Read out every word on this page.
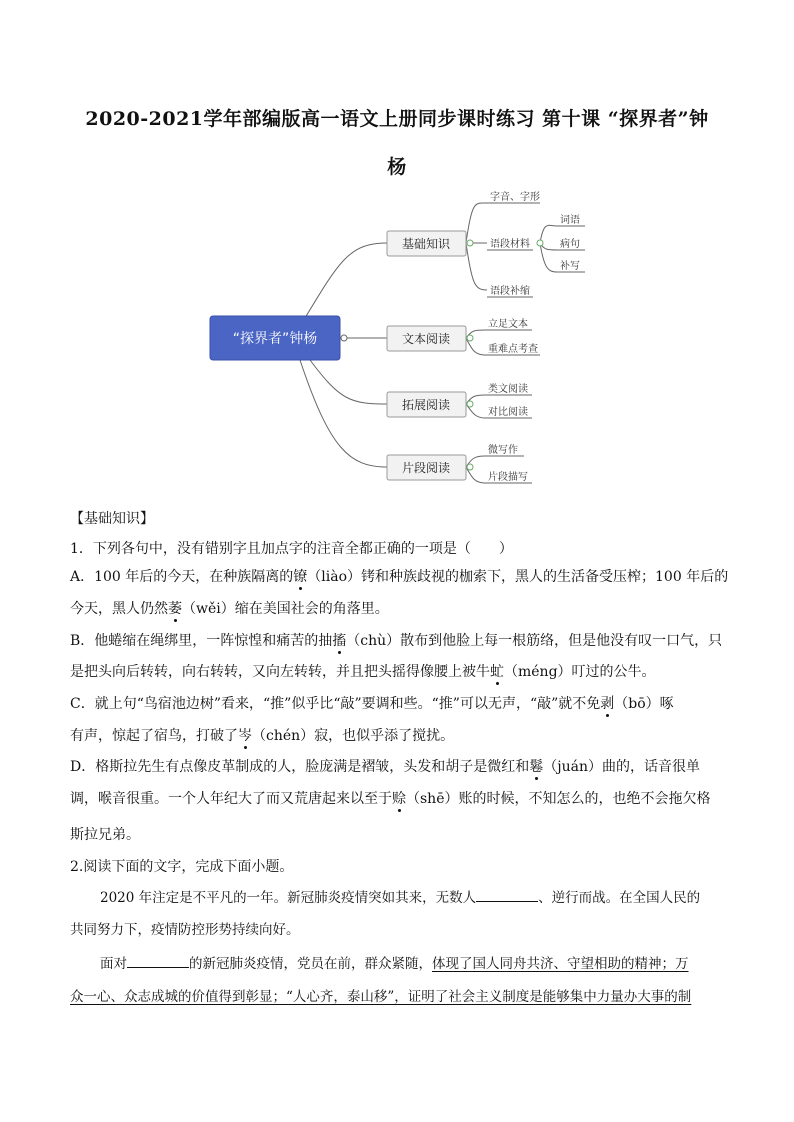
2020-2021学年部编版高一语文上册同步课时练习 第十课 “探界者”钟
杨
“探界者”钟杨
基础知识
文本阅读
拓展阅读
片段阅读
字音、字形
语段材料
语段补缩
词语
病句
补写
立足文本
重难点考查
类文阅读
对比阅读
微写作
片段描写
【基础知识】
1．下列各句中，没有错别字且加点字的注音全都正确的一项是（　　）
A．100 年后的今天，在种族隔离的镣（liào）铐和种族歧视的枷索下，黑人的生活备受压榨；100 年后的
今天，黑人仍然萎（wěi）缩在美国社会的角落里。
B．他蜷缩在绳绑里，一阵惊惶和痛苦的抽搐（chù）散布到他脸上每一根筋络，但是他没有叹一口气，只
是把头向后转转，向右转转，又向左转转，并且把头摇得像腰上被牛虻（méng）叮过的公牛。
C．就上句“鸟宿池边树”看来，“推”似乎比“敲”要调和些。“推”可以无声，“敲”就不免剥（bō）啄
有声，惊起了宿鸟，打破了岑（chén）寂，也似乎添了搅扰。
D．格斯拉先生有点像皮革制成的人，脸庞满是褶皱，头发和胡子是微红和鬈（juán）曲的，话音很单
调，喉音很重。一个人年纪大了而又荒唐起来以至于赊（shē）账的时候，不知怎么的，也绝不会拖欠格
斯拉兄弟。
2.阅读下面的文字，完成下面小题。
2020 年注定是不平凡的一年。新冠肺炎疫情突如其来，无数人	、逆行而战。在全国人民的
共同努力下，疫情防控形势持续向好。
面对	的新冠肺炎疫情，党员在前，群众紧随，体现了国人同舟共济、守望相助的精神；万
众一心、众志成城的价值得到彰显；“人心齐，泰山移”，证明了社会主义制度是能够集中力量办大事的制
